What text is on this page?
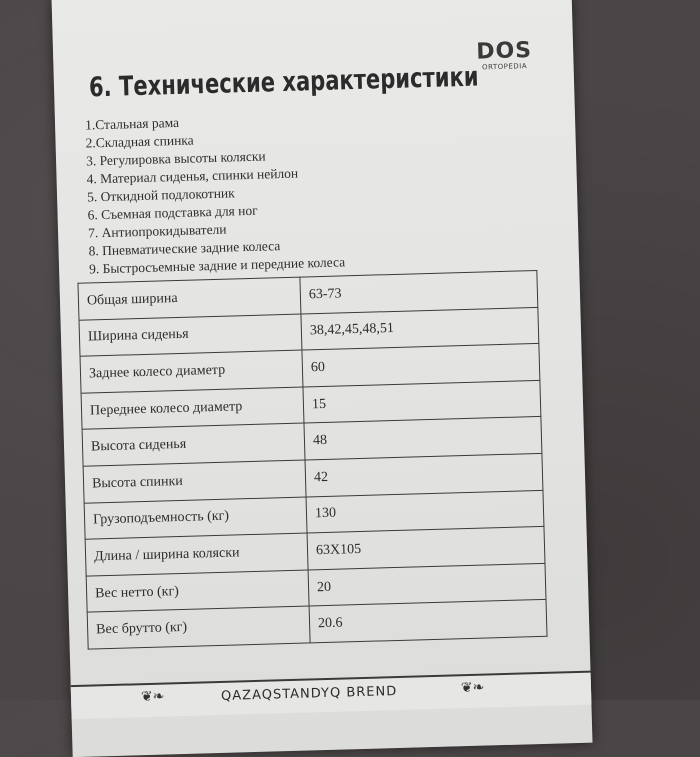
DOS
ORTOPEDIA
6. Технические характеристики
1.Стальная рама
2.Складная спинка
3. Регулировка высоты коляски
4. Материал сиденья, спинки нейлон
5. Откидной подлокотник
6. Съемная подставка для ног
7. Антиопрокидыватели
8. Пневматические задние колеса
9. Быстросъемные задние и передние колеса
Общая ширина	63-73
Ширина сиденья	38,42,45,48,51
Заднее колесо диаметр	60
Переднее колесо диаметр	15
Высота сиденья	48
Высота спинки	42
Грузоподъемность (кг)	130
Длина / ширина коляски	63X105
Вес нетто (кг)	20
Вес брутто (кг)	20.6
❦❧	QAZAQSTANDYQ BREND	❦❧
